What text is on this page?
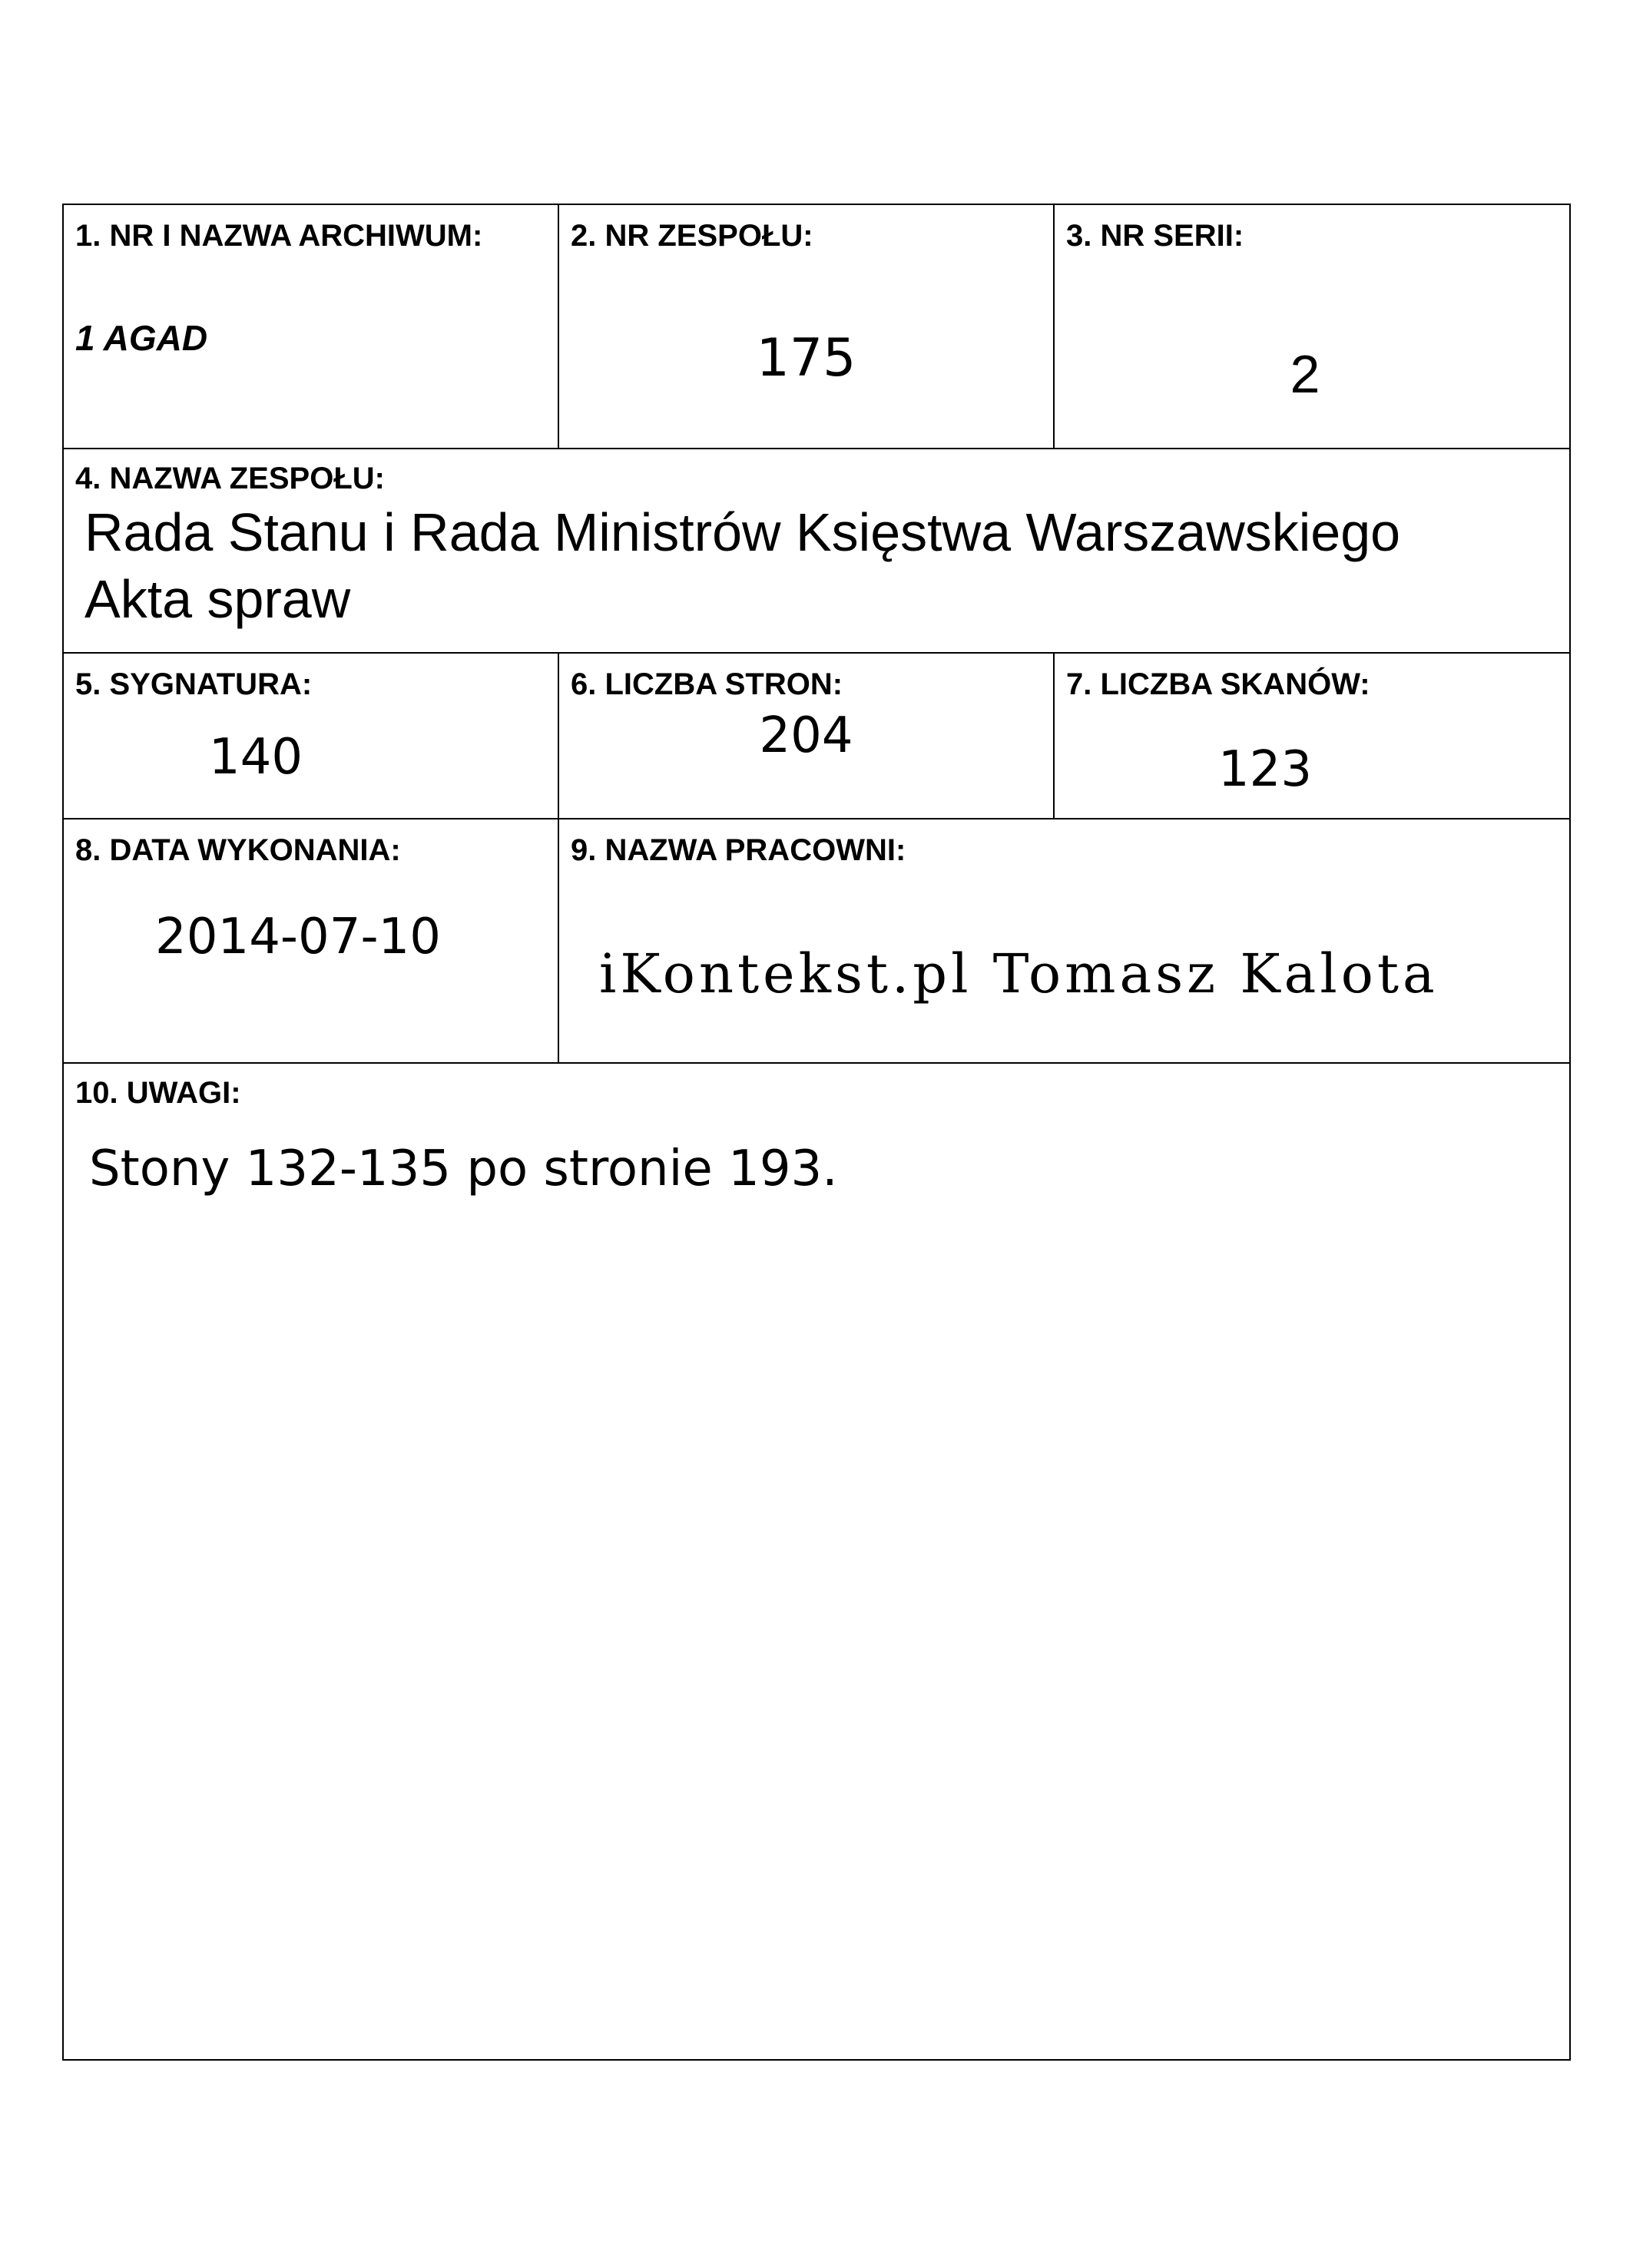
1. NR I NAZWA ARCHIWUM:
1 AGAD
2. NR ZESPOŁU:
175
3. NR SERII:
2
4. NAZWA ZESPOŁU:
Rada Stanu i Rada Ministrów Księstwa Warszawskiego
Akta spraw
5. SYGNATURA:
140
6. LICZBA STRON:
204
7. LICZBA SKANÓW:
123
8. DATA WYKONANIA:
2014-07-10
9. NAZWA PRACOWNI:
iKontekst.pl Tomasz Kalota
10. UWAGI:
Stony 132-135 po stronie 193.
